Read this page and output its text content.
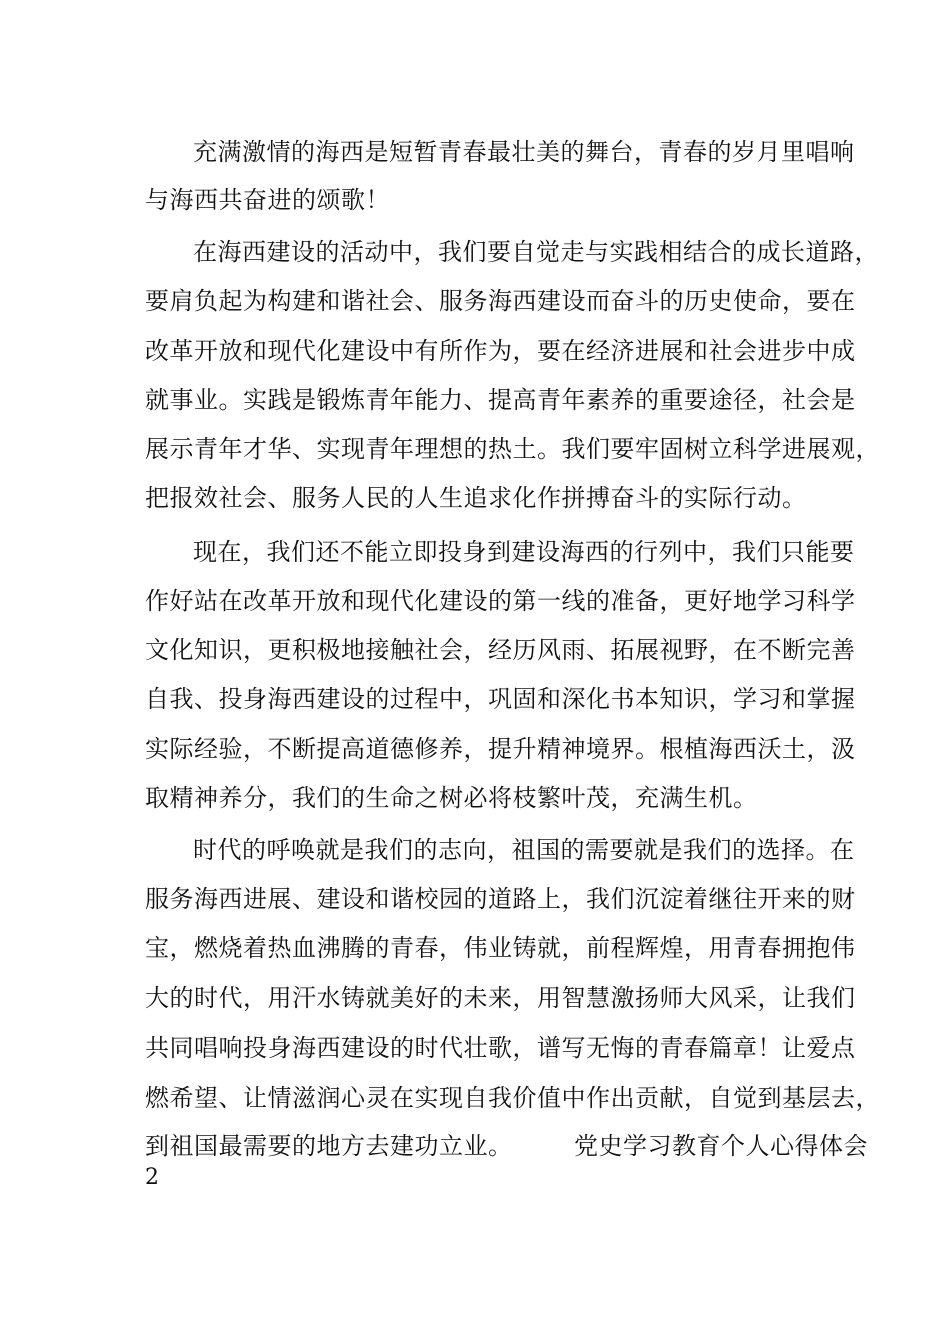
充满激情的海西是短暂青春最壮美的舞台，青春的岁月里唱响
与海西共奋进的颂歌！
在海西建设的活动中，我们要自觉走与实践相结合的成长道路，
要肩负起为构建和谐社会、服务海西建设而奋斗的历史使命，要在
改革开放和现代化建设中有所作为，要在经济进展和社会进步中成
就事业。实践是锻炼青年能力、提高青年素养的重要途径，社会是
展示青年才华、实现青年理想的热土。我们要牢固树立科学进展观，
把报效社会、服务人民的人生追求化作拼搏奋斗的实际行动。
现在，我们还不能立即投身到建设海西的行列中，我们只能要
作好站在改革开放和现代化建设的第一线的准备，更好地学习科学
文化知识，更积极地接触社会，经历风雨、拓展视野，在不断完善
自我、投身海西建设的过程中，巩固和深化书本知识，学习和掌握
实际经验，不断提高道德修养，提升精神境界。根植海西沃土，汲
取精神养分，我们的生命之树必将枝繁叶茂，充满生机。
时代的呼唤就是我们的志向，祖国的需要就是我们的选择。在
服务海西进展、建设和谐校园的道路上，我们沉淀着继往开来的财
宝，燃烧着热血沸腾的青春，伟业铸就，前程辉煌，用青春拥抱伟
大的时代，用汗水铸就美好的未来，用智慧激扬师大风采，让我们
共同唱响投身海西建设的时代壮歌，谱写无悔的青春篇章！让爱点
燃希望、让情滋润心灵在实现自我价值中作出贡献，自觉到基层去，
到祖国最需要的地方去建功立业。　　　党史学习教育个人心得体会
2
